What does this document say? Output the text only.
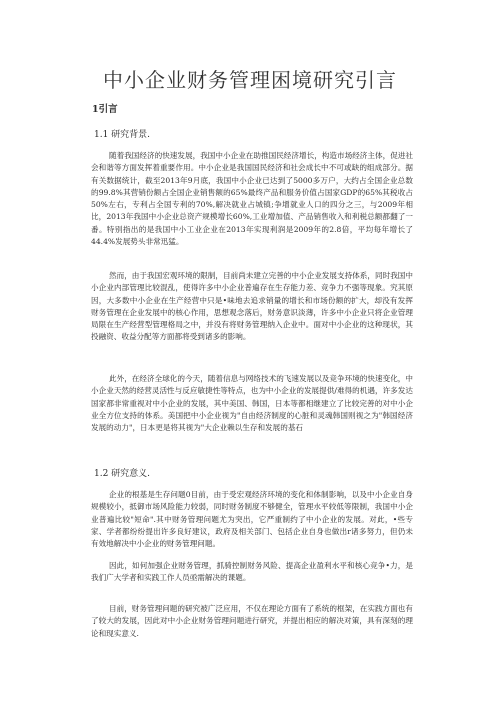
中小企业财务管理困境研究引言
1引言
1.1 研究背景.

随着我国经济的快速发展，我国中小企业在助推国民经济增长，构造市场经济主体，促进社会和谐等方面发挥着重要作用。中小企业是我国国民经济和社会成长中不可或缺的组成部分。据有关数据统计，截至2013年9月底，我国中小企业已达到了5000多万户，大约占全国企业总数的99.8%其营销份额占全国企业销售额的65%最终产品和服务价值占国家GDP的65%其税收占50%左右，专利占全国专利的70%,解决就业占城镇;争增就业人口的四分之三，与2009年相比，2013年我国中小企业总资产规模增长60%,工业增加值、产品销售收入和利税总额都翻了一番。特别指出的是我国中小工业企业在2013年实现利润是2009年的2.8倍，平均每年增长了44.4%发展势头非常迅猛。

然而，由于我国宏观环境的限制，目前尚未建立完善的中小企业发展支持体系，同时我国中小企业内部管理比较混乱，使得许多中小企业普遍存在生存能力差、竞争力不强等现象。究其原因，大多数中小企业在生产经营中只是•味地去追求销量的增长和市场份额的扩大，却没有发挥财务管理在企业发展中的核心作用，思想观念落后，财务意识淡薄，许多中小企业只将企业管理局限在生产经营型管理格局之中，并没有将财务管理纳入企业中。面对中小企业的这种现状，其投融资、收益分配等方面都将受到诸多的影响。

此外，在经济全球化的今天，随着信息与网络技术的飞速发展以及竞争环境的快速变化，中小企业天然的经营灵活性与反应敏捷性等特点，也为中小企业的发展提供/难得的机遇，许多发达国家都非常重视对中小企业的发展，其中美国、韩国，日本等都相继建立了比较完善的对中小企业全方位支持的体系。美国把中小企业视为"自由经济制度的心脏和灵魂韩国则视之为"韩国经济发展的动力"，日本更是将其视为"大企业赖以生存和发展的基石

1.2 研究意义.

企业的根基是生存问题0目前，由于受宏观经济环境的变化和体制影响，以及中小企业自身规模较小，抵御市场风险能力较弱，同时财务制度不够健全，管理水平较低等限制，我国中小企业普遍比较"短命".其中财务管理问题尤为突出，它严重制约了中小企业的发展。对此，•些专家、学者都纷纷提出许多良好建议，政府及相关部门、包括企业自身也做出r诸多努力，但仍未有效地解决中小企业的财务管理问题。

因此，如何加强企业财务管理，抓骑控制财务风险、提高企业盈利水平和核心竞争•力，是我们广大学者和实践工作人员亟需解决的课题。

目前，财务管理问题的研究被广泛应用，不仅在理论方面有了系统的框架，在实践方面也有了较大的发展，因此对中小企业财务管理问题进行研究，并提出相应的解决对策，具有深刻的理论和现实意义.
